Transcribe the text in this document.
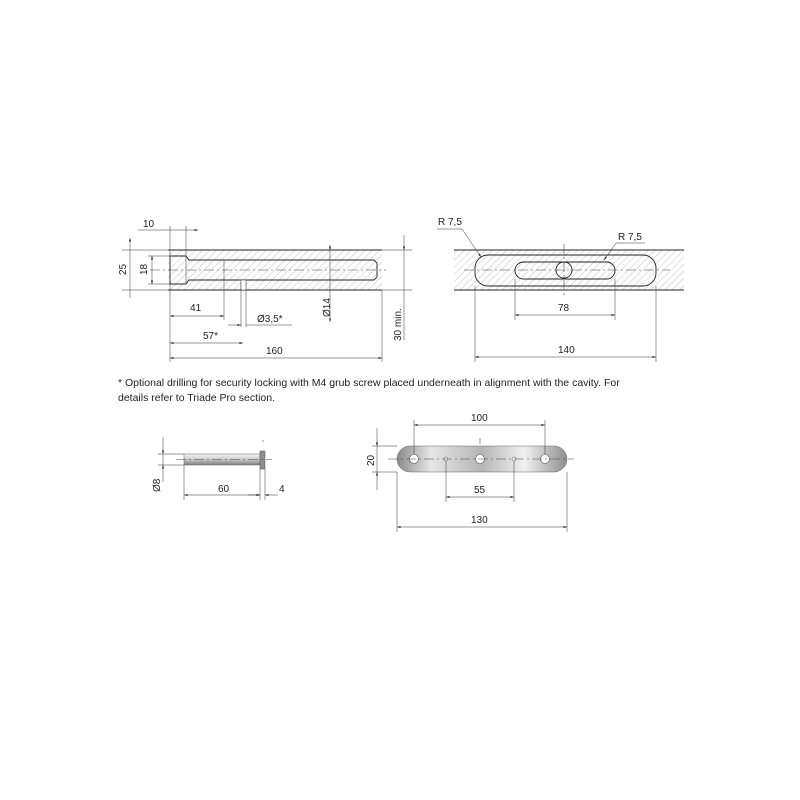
10
25 18
41
Ø3,5*
57*
Ø14
160
30 min.
R 7,5
R 7,5
78
140
Ø8	60	4
100
20
55
130
* Optional drilling for security locking with M4 grub screw placed underneath in alignment with the cavity. For details refer to Triade Pro section.
